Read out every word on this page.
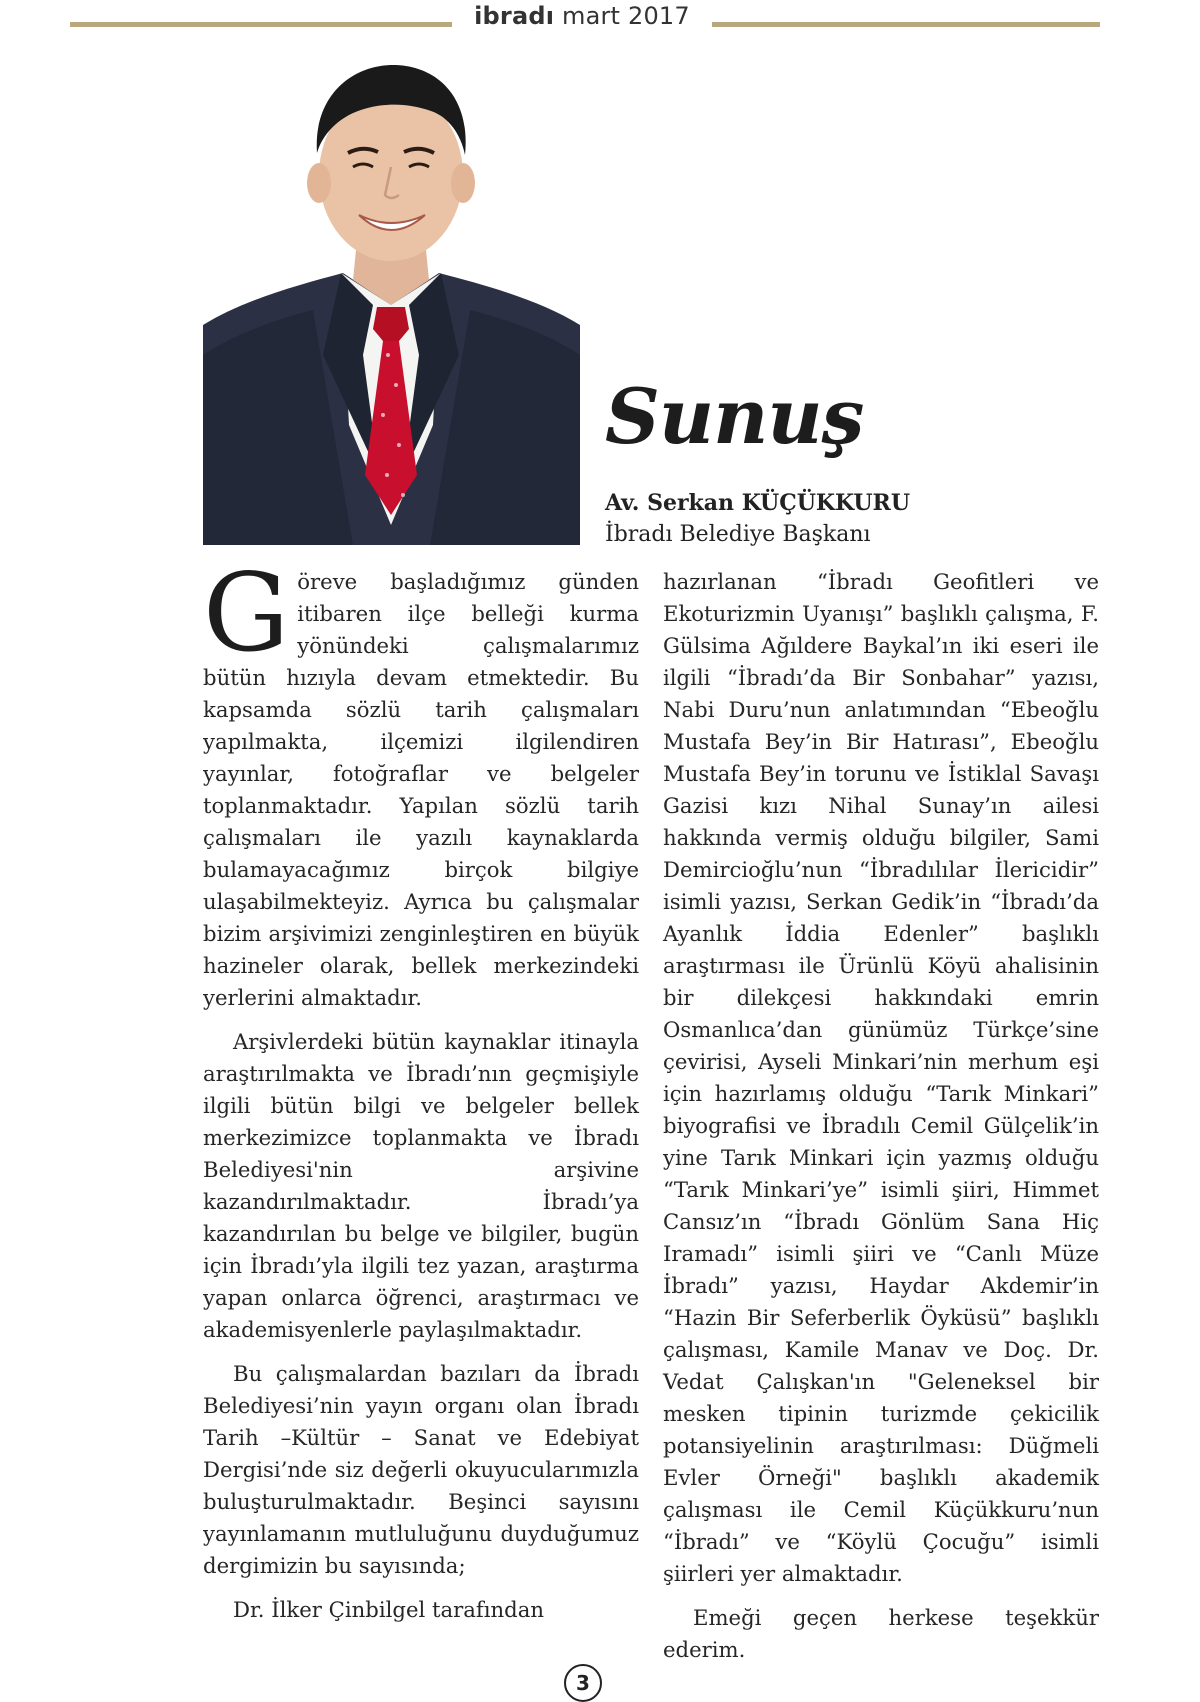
ibradı mart 2017
Sunuş
Av. Serkan KÜÇÜKKURU
İbradı Belediye Başkanı

Göreve başladığımız günden itibaren ilçe belleği kurma yönündeki çalışmalarımız bütün hızıyla devam etmektedir. Bu kapsamda sözlü tarih çalışmaları yapılmakta, ilçemizi ilgilendiren yayınlar, fotoğraflar ve belgeler toplanmaktadır. Yapılan sözlü tarih çalışmaları ile yazılı kaynaklarda bulamayacağımız birçok bilgiye ulaşabilmekteyiz. Ayrıca bu çalışmalar bizim arşivimizi zenginleştiren en büyük hazineler olarak, bellek merkezindeki yerlerini almaktadır.

Arşivlerdeki bütün kaynaklar itinayla araştırılmakta ve İbradı’nın geçmişiyle ilgili bütün bilgi ve belgeler bellek merkezimizce toplanmakta ve İbradı Belediyesi'nin arşivine kazandırılmaktadır. İbradı’ya kazandırılan bu belge ve bilgiler, bugün için İbradı’yla ilgili tez yazan, araştırma yapan onlarca öğrenci, araştırmacı ve akademisyenlerle paylaşılmaktadır.

Bu çalışmalardan bazıları da İbradı Belediyesi’nin yayın organı olan İbradı Tarih –Kültür – Sanat ve Edebiyat Dergisi’nde siz değerli okuyucularımızla buluşturulmaktadır. Beşinci sayısını yayınlamanın mutluluğunu duyduğumuz dergimizin bu sayısında;

Dr. İlker Çinbilgel tarafından

hazırlanan “İbradı Geofitleri ve Ekoturizmin Uyanışı” başlıklı çalışma, F. Gülsima Ağıldere Baykal’ın iki eseri ile ilgili “İbradı’da Bir Sonbahar” yazısı, Nabi Duru’nun anlatımından “Ebeoğlu Mustafa Bey’in Bir Hatırası”, Ebeoğlu Mustafa Bey’in torunu ve İstiklal Savaşı Gazisi kızı Nihal Sunay’ın ailesi hakkında vermiş olduğu bilgiler, Sami Demircioğlu’nun “İbradılılar İlericidir” isimli yazısı, Serkan Gedik’in “İbradı’da Ayanlık İddia Edenler” başlıklı araştırması ile Ürünlü Köyü ahalisinin bir dilekçesi hakkındaki emrin Osmanlıca’dan günümüz Türkçe’sine çevirisi, Ayseli Minkari’nin merhum eşi için hazırlamış olduğu “Tarık Minkari” biyografisi ve İbradılı Cemil Gülçelik’in yine Tarık Minkari için yazmış olduğu “Tarık Minkari’ye” isimli şiiri, Himmet Cansız’ın “İbradı Gönlüm Sana Hiç Iramadı” isimli şiiri ve “Canlı Müze İbradı” yazısı, Haydar Akdemir’in “Hazin Bir Seferberlik Öyküsü” başlıklı çalışması, Kamile Manav ve Doç. Dr. Vedat Çalışkan'ın "Geleneksel bir mesken tipinin turizmde çekicilik potansiyelinin araştırılması: Düğmeli Evler Örneği" başlıklı akademik çalışması ile Cemil Küçükkuru’nun “İbradı” ve “Köylü Çocuğu” isimli şiirleri yer almaktadır.

Emeği geçen herkese teşekkür ederim.

3
